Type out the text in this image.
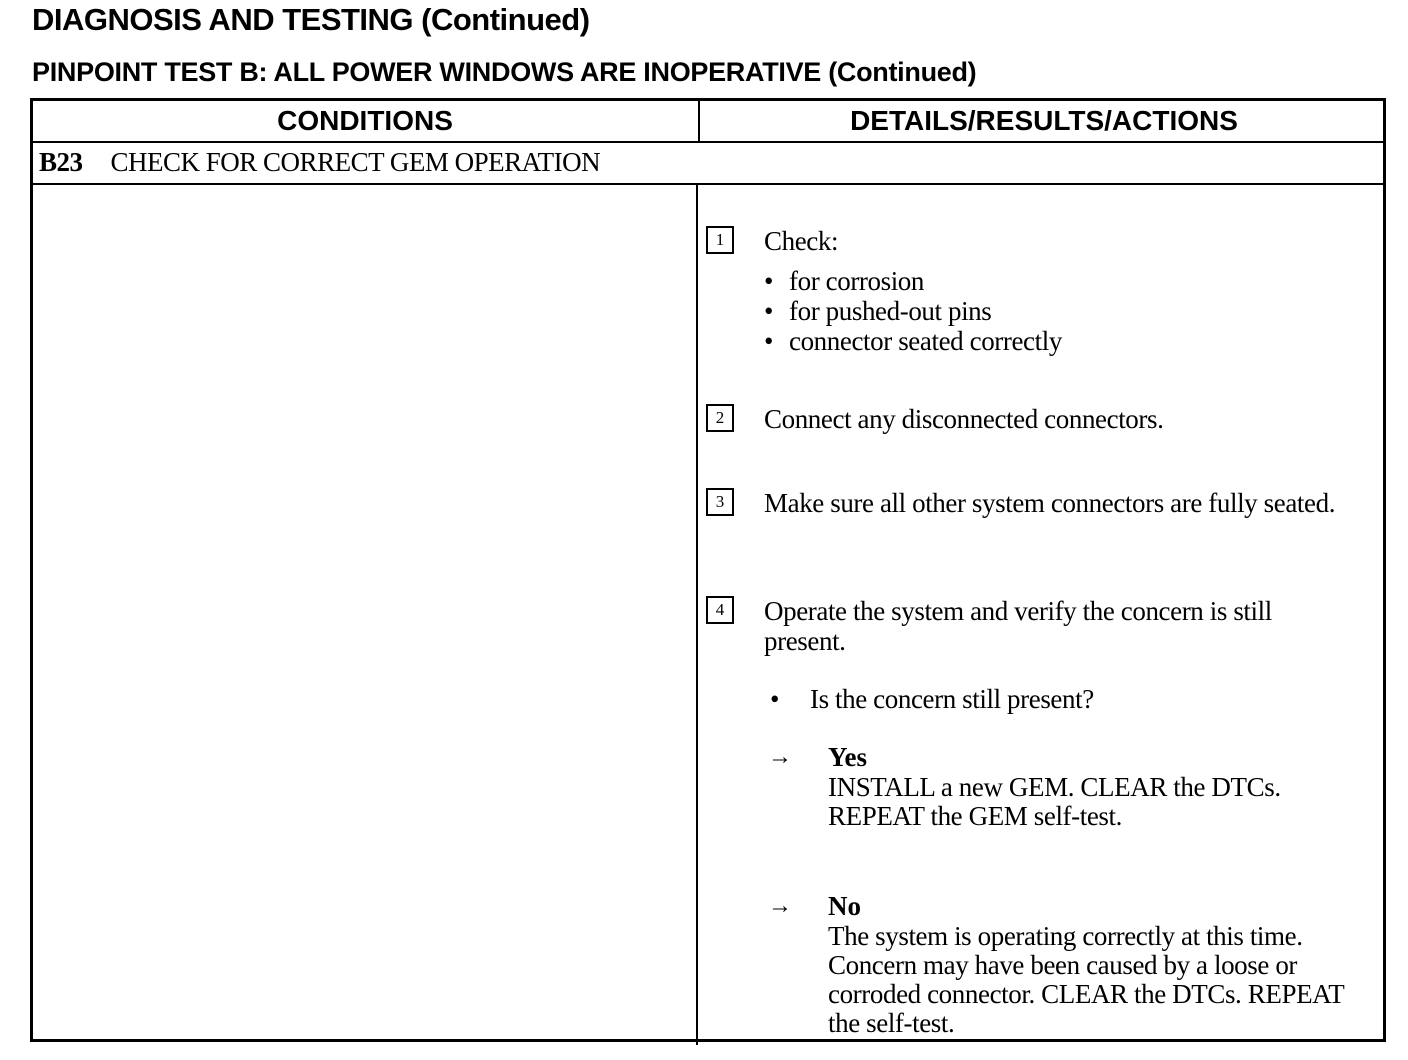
DIAGNOSIS AND TESTING (Continued)
PINPOINT TEST B: ALL POWER WINDOWS ARE INOPERATIVE (Continued)
CONDITIONS	DETAILS/RESULTS/ACTIONS
B23 CHECK FOR CORRECT GEM OPERATION
1	Check:
• for corrosion
• for pushed-out pins
• connector seated correctly
2	Connect any disconnected connectors.
3	Make sure all other system connectors are fully seated.
4	Operate the system and verify the concern is still present.
• Is the concern still present?
→ Yes
INSTALL a new GEM. CLEAR the DTCs. REPEAT the GEM self-test.
→ No
The system is operating correctly at this time. Concern may have been caused by a loose or corroded connector. CLEAR the DTCs. REPEAT the self-test.
